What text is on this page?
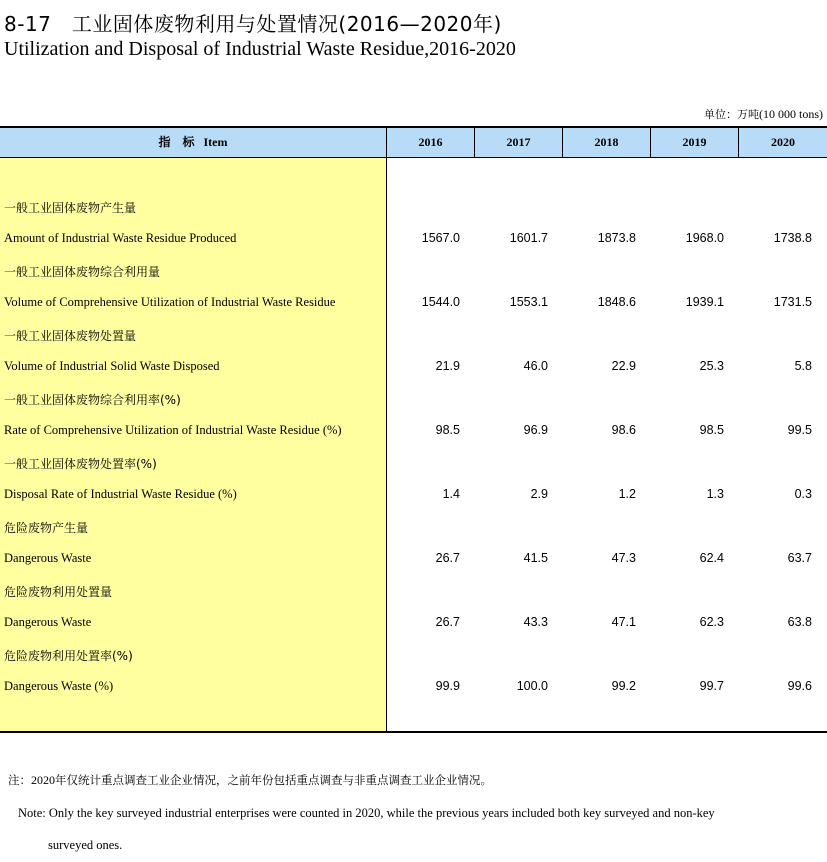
8-17　工业固体废物利用与处置情况(2016—2020年)
Utilization and Disposal of Industrial Waste Residue,2016-2020
单位：万吨(10 000 tons)
指　标 Item	2016	2017	2018	2019	2020
一般工业固体废物产生量
Amount of Industrial Waste Residue Produced	1567.0	1601.7	1873.8	1968.0	1738.8
一般工业固体废物综合利用量
Volume of Comprehensive Utilization of Industrial Waste Residue	1544.0	1553.1	1848.6	1939.1	1731.5
一般工业固体废物处置量
Volume of Industrial Solid Waste Disposed	21.9	46.0	22.9	25.3	5.8
一般工业固体废物综合利用率(%)
Rate of Comprehensive Utilization of Industrial Waste Residue (%)	98.5	96.9	98.6	98.5	99.5
一般工业固体废物处置率(%)
Disposal Rate of Industrial Waste Residue (%)	1.4	2.9	1.2	1.3	0.3
危险废物产生量
Dangerous Waste	26.7	41.5	47.3	62.4	63.7
危险废物利用处置量
Dangerous Waste	26.7	43.3	47.1	62.3	63.8
危险废物利用处置率(%)
Dangerous Waste (%)	99.9	100.0	99.2	99.7	99.6
注：2020年仅统计重点调查工业企业情况，之前年份包括重点调查与非重点调查工业企业情况。
Note: Only the key surveyed industrial enterprises were counted in 2020, while the previous years included both key surveyed and non-key
surveyed ones.
